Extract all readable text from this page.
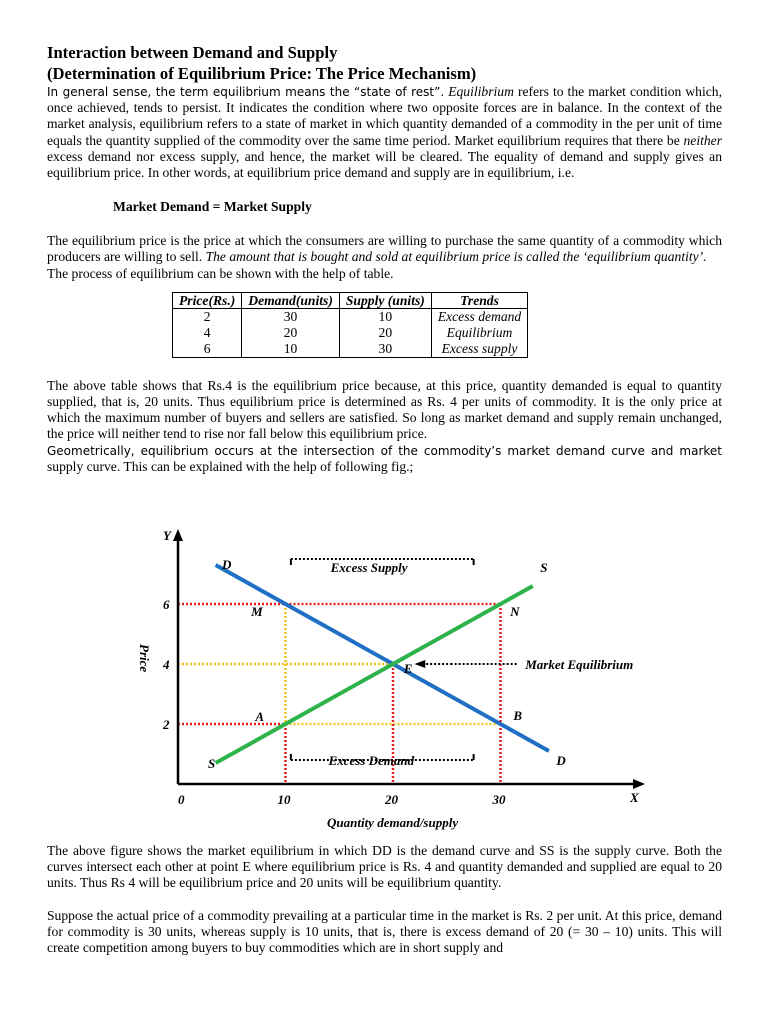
Interaction between Demand and Supply

(Determination of Equilibrium Price: The Price Mechanism)

In general sense, the term equilibrium means the “state of rest”. Equilibrium refers to the market condition which, once achieved, tends to persist. It indicates the condition where two opposite forces are in balance. In the context of the market analysis, equilibrium refers to a state of market in which quantity demanded of a commodity in the per unit of time equals the quantity supplied of the commodity over the same time period. Market equilibrium requires that there be neither excess demand nor excess supply, and hence, the market will be cleared. The equality of demand and supply gives an equilibrium price. In other words, at equilibrium price demand and supply are in equilibrium, i.e.

Market Demand = Market Supply

The equilibrium price is the price at which the consumers are willing to purchase the same quantity of a commodity which producers are willing to sell. The amount that is bought and sold at equilibrium price is called the ‘equilibrium quantity’.

The process of equilibrium can be shown with the help of table.

Price(Rs.)	Demand(units)	Supply (units)	Trends
2	30	10	Excess demand
4	20	20	Equilibrium
6	10	30	Excess supply

The above table shows that Rs.4 is the equilibrium price because, at this price, quantity demanded is equal to quantity supplied, that is, 20 units. Thus equilibrium price is determined as Rs. 4 per units of commodity. It is the only price at which the maximum number of buyers and sellers are satisfied. So long as market demand and supply remain unchanged, the price will neither tend to rise nor fall below this equilibrium price.

Geometrically, equilibrium occurs at the intersection of the commodity’s market demand curve and market supply curve. This can be explained with the help of following fig.;

Y
X
0	10	20	30
2
4
6
D
D
S
S
M	N
E
A	B
Excess Supply
Excess Demand
Market Equilibrium
Quantity demand/supply
Price

The above figure shows the market equilibrium in which DD is the demand curve and SS is the supply curve. Both the curves intersect each other at point E where equilibrium price is Rs. 4 and quantity demanded and supplied are equal to 20 units. Thus Rs 4 will be equilibrium price and 20 units will be equilibrium quantity.

Suppose the actual price of a commodity prevailing at a particular time in the market is Rs. 2 per unit. At this price, demand for commodity is 30 units, whereas supply is 10 units, that is, there is excess demand of 20 (= 30 – 10) units. This will create competition among buyers to buy commodities which are in short supply and
